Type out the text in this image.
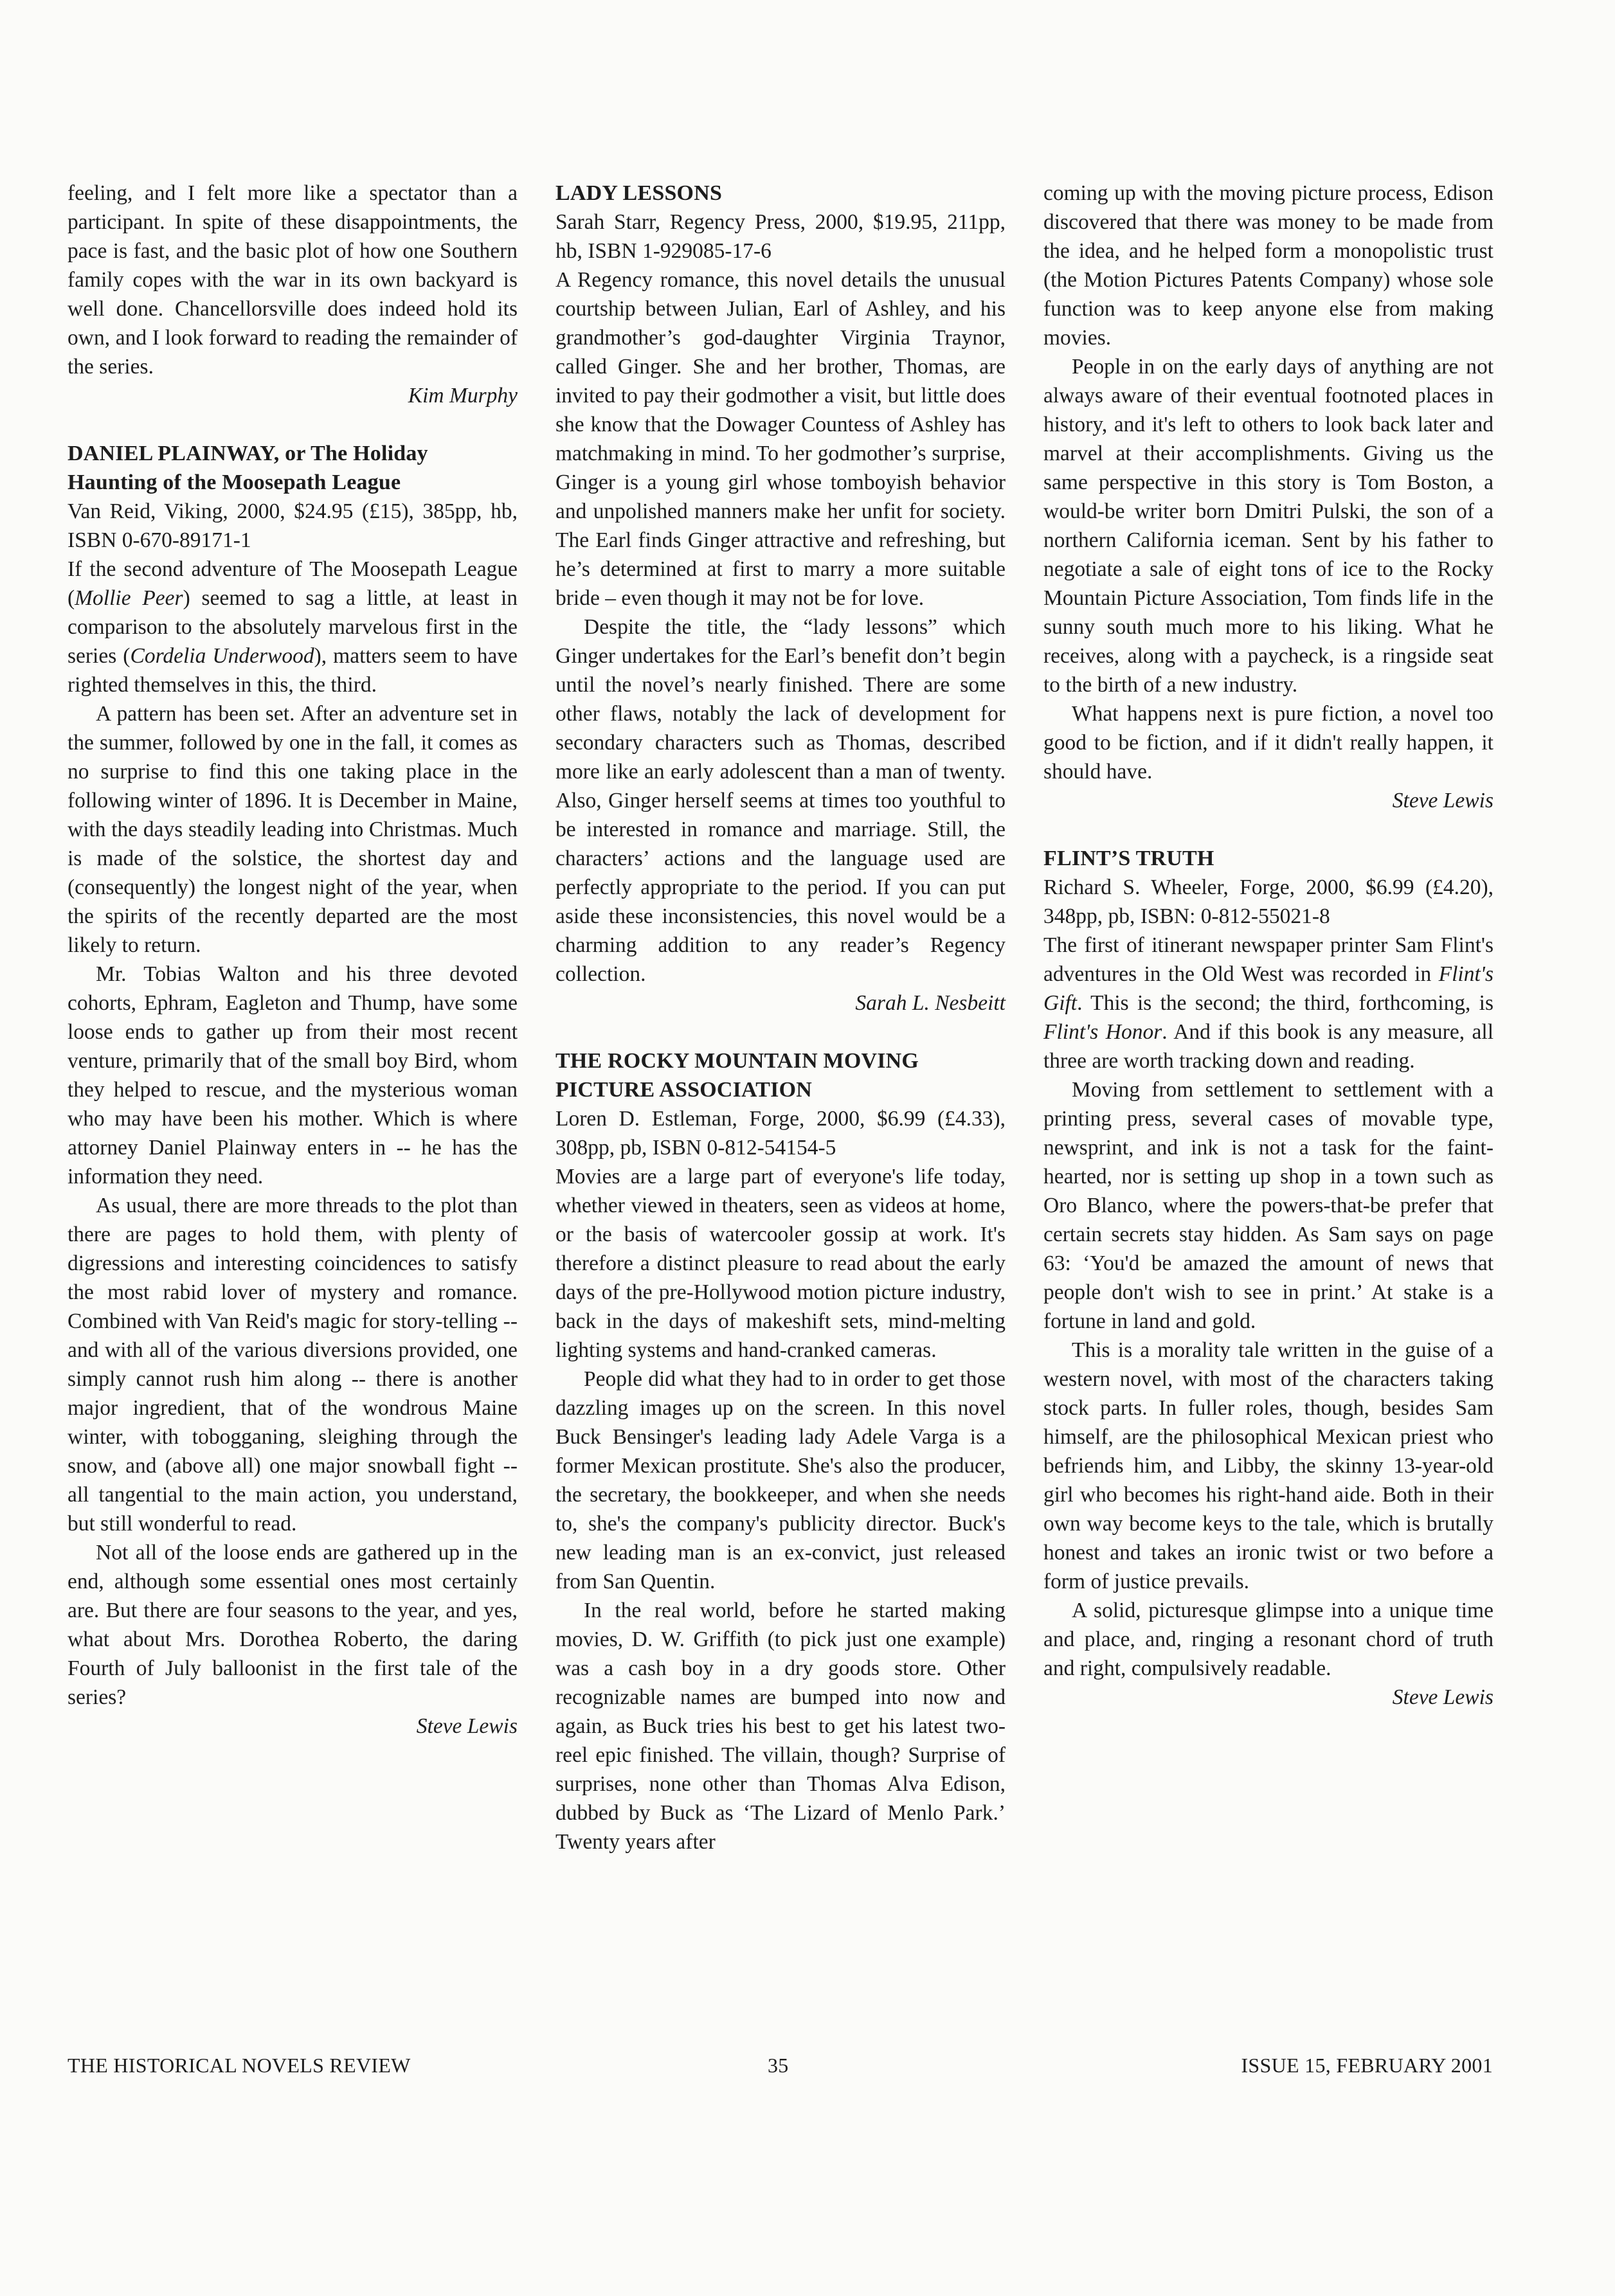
feeling, and I felt more like a spectator than a participant. In spite of these disappointments, the pace is fast, and the basic plot of how one Southern family copes with the war in its own backyard is well done. Chancellorsville does indeed hold its own, and I look forward to reading the remainder of the series.

Kim Murphy

DANIEL PLAINWAY, or The Holiday Haunting of the Moosepath League

Van Reid, Viking, 2000, $24.95 (£15), 385pp, hb, ISBN 0-670-89171-1

If the second adventure of The Moosepath League (Mollie Peer) seemed to sag a little, at least in comparison to the absolutely marvelous first in the series (Cordelia Underwood), matters seem to have righted themselves in this, the third.

A pattern has been set. After an adventure set in the summer, followed by one in the fall, it comes as no surprise to find this one taking place in the following winter of 1896. It is December in Maine, with the days steadily leading into Christmas. Much is made of the solstice, the shortest day and (consequently) the longest night of the year, when the spirits of the recently departed are the most likely to return.

Mr. Tobias Walton and his three devoted cohorts, Ephram, Eagleton and Thump, have some loose ends to gather up from their most recent venture, primarily that of the small boy Bird, whom they helped to rescue, and the mysterious woman who may have been his mother. Which is where attorney Daniel Plainway enters in -- he has the information they need.

As usual, there are more threads to the plot than there are pages to hold them, with plenty of digressions and interesting coincidences to satisfy the most rabid lover of mystery and romance. Combined with Van Reid's magic for story-telling -- and with all of the various diversions provided, one simply cannot rush him along -- there is another major ingredient, that of the wondrous Maine winter, with tobogganing, sleighing through the snow, and (above all) one major snowball fight -- all tangential to the main action, you understand, but still wonderful to read.

Not all of the loose ends are gathered up in the end, although some essential ones most certainly are. But there are four seasons to the year, and yes, what about Mrs. Dorothea Roberto, the daring Fourth of July balloonist in the first tale of the series?

Steve Lewis

LADY LESSONS

Sarah Starr, Regency Press, 2000, $19.95, 211pp, hb, ISBN 1-929085-17-6

A Regency romance, this novel details the unusual courtship between Julian, Earl of Ashley, and his grandmother’s god-daughter Virginia Traynor, called Ginger. She and her brother, Thomas, are invited to pay their godmother a visit, but little does she know that the Dowager Countess of Ashley has matchmaking in mind. To her godmother’s surprise, Ginger is a young girl whose tomboyish behavior and unpolished manners make her unfit for society. The Earl finds Ginger attractive and refreshing, but he’s determined at first to marry a more suitable bride – even though it may not be for love.

Despite the title, the “lady lessons” which Ginger undertakes for the Earl’s benefit don’t begin until the novel’s nearly finished. There are some other flaws, notably the lack of development for secondary characters such as Thomas, described more like an early adolescent than a man of twenty. Also, Ginger herself seems at times too youthful to be interested in romance and marriage. Still, the characters’ actions and the language used are perfectly appropriate to the period. If you can put aside these inconsistencies, this novel would be a charming addition to any reader’s Regency collection.

Sarah L. Nesbeitt

THE ROCKY MOUNTAIN MOVING PICTURE ASSOCIATION

Loren D. Estleman, Forge, 2000, $6.99 (£4.33), 308pp, pb, ISBN 0-812-54154-5

Movies are a large part of everyone's life today, whether viewed in theaters, seen as videos at home, or the basis of watercooler gossip at work. It's therefore a distinct pleasure to read about the early days of the pre-Hollywood motion picture industry, back in the days of makeshift sets, mind-melting lighting systems and hand-cranked cameras.

People did what they had to in order to get those dazzling images up on the screen. In this novel Buck Bensinger's leading lady Adele Varga is a former Mexican prostitute. She's also the producer, the secretary, the bookkeeper, and when she needs to, she's the company's publicity director. Buck's new leading man is an ex-convict, just released from San Quentin.

In the real world, before he started making movies, D. W. Griffith (to pick just one example) was a cash boy in a dry goods store. Other recognizable names are bumped into now and again, as Buck tries his best to get his latest two-reel epic finished. The villain, though? Surprise of surprises, none other than Thomas Alva Edison, dubbed by Buck as ‘The Lizard of Menlo Park.’ Twenty years after

coming up with the moving picture process, Edison discovered that there was money to be made from the idea, and he helped form a monopolistic trust (the Motion Pictures Patents Company) whose sole function was to keep anyone else from making movies.

People in on the early days of anything are not always aware of their eventual footnoted places in history, and it's left to others to look back later and marvel at their accomplishments. Giving us the same perspective in this story is Tom Boston, a would-be writer born Dmitri Pulski, the son of a northern California iceman. Sent by his father to negotiate a sale of eight tons of ice to the Rocky Mountain Picture Association, Tom finds life in the sunny south much more to his liking. What he receives, along with a paycheck, is a ringside seat to the birth of a new industry.

What happens next is pure fiction, a novel too good to be fiction, and if it didn't really happen, it should have.

Steve Lewis

FLINT’S TRUTH

Richard S. Wheeler, Forge, 2000, $6.99 (£4.20), 348pp, pb, ISBN: 0-812-55021-8

The first of itinerant newspaper printer Sam Flint's adventures in the Old West was recorded in Flint's Gift. This is the second; the third, forthcoming, is Flint's Honor. And if this book is any measure, all three are worth tracking down and reading.

Moving from settlement to settlement with a printing press, several cases of movable type, newsprint, and ink is not a task for the faint-hearted, nor is setting up shop in a town such as Oro Blanco, where the powers-that-be prefer that certain secrets stay hidden. As Sam says on page 63: ‘You'd be amazed the amount of news that people don't wish to see in print.’ At stake is a fortune in land and gold.

This is a morality tale written in the guise of a western novel, with most of the characters taking stock parts. In fuller roles, though, besides Sam himself, are the philosophical Mexican priest who befriends him, and Libby, the skinny 13-year-old girl who becomes his right-hand aide. Both in their own way become keys to the tale, which is brutally honest and takes an ironic twist or two before a form of justice prevails.

A solid, picturesque glimpse into a unique time and place, and, ringing a resonant chord of truth and right, compulsively readable.

Steve Lewis

THE HISTORICAL NOVELS REVIEW	35	ISSUE 15, FEBRUARY 2001
